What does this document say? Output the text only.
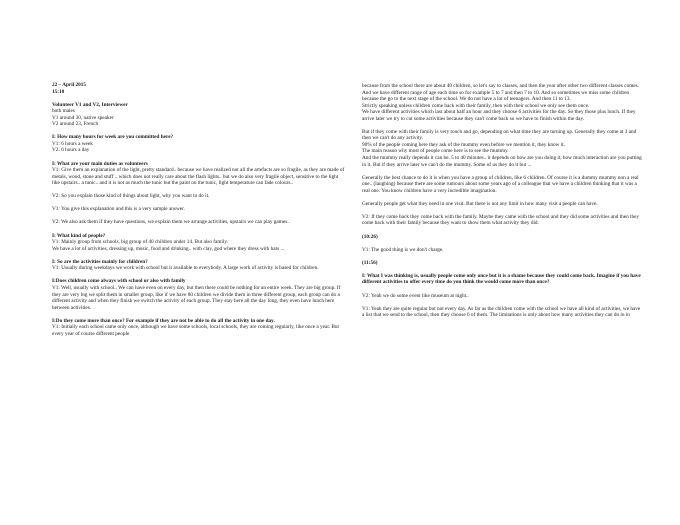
22 – April 2015
15:10

Volunteer V1 and V2, Interviewer

both males
V1 around 30, native speaker
V2 around 23, French

I: How many hours for week are you committed here?

V1: 6 hours a week
V2: 6 hours a day

I: What are your main duties as volunteers

V1: Give them an explanation of the light, pretty standard.. because we have realized not all the artefacts are so fragile, as they are made of metals, wood, stone and stuff .. which does not really care about the flash lights.. but we do also very fragile object, sensitive to the light like upstairs.. a tunic.. and it is not as much the tunic but the paint on the tunic, light temperature can fade colours..

V2: So you explain those kind of things about light, why you want to do it.

V1: You give this explanation and this is a very sample answer.

V2: We also ask them if they have questions, we explain them we arrange activities, upstairs we can play games..

I: What kind of people?

V1: Mainly group from schools, big group of 40 children under 14. But also family.
We have a lot of activities, dressing up, music, food and drinking.. with clay, god where they dress with hats ...

I: So are the activities mainly for children?

V1: Usually during weekdays we work with school but it available to everybody. A large work of activity is based for children.

I:Does children come always with school or also with family

V1: Well, usually with school.. We can have even on every day, but then there could be nothing for an entire week. They are big group. If they are very big we split them in smaller group, like if we have 80 children we divide them in three different group, each group can do a different activity and when they finish we switch the activity of each group. They stay here all the day long, they even have lunch here between activities.

I:Do they come more than once? For example if they are not be able to do all the activity in one day.

V1: Initially each school came only once, although we have some schools, local schools, they are coming regularly, like once a year. But every year of course different people

because from the school there are about 40 children, so let's say to classes, and then the year after other two different classes comes. And we have different range of age each time so for example 5 to 7 and then 7 to 10. And so sometimes we miss some children because the go to the next stage of the school. We do not have a lot of teenagers. And then 11 to 13.
Strictly speaking unless children come back with their family, then with their school we only see them once.
We have different activities which last about half an hour and they choose 6 activities for the day. So they those plus lunch. If they arrive later we try to cut some activities because they can't come back so we have to finish within the day.

But if they come with their family is very touch and go, depending on what time they are turning up. Generally they come at 3 and then we can't do any activity.
90% of the people coming here they ask of the mummy even before we mention it, they know it.
The main reason why most of people come here is to see the mummy.
And the mummy really depends it can be. 5 to 40 minutes.. it depends on how are you doing it, how much interaction are you putting in it. But if they arrive later we can't do the mummy. Some of us they do it but ...

Generally the best chance to do it is when you have a group of children, like 6 children. Of course it is a dummy mummy non a real one.. (laughing) because there are some rumours about some years ago of a colleague that we have a children thinking that it was a real one. You know children have a very incredible imagination.

Generally people get what they need in one visit. But there is not any limit in how many visit a people can have.

V2: If they come back they come back with the family. Maybe they came with the school and they did some activities and then they come back with their family because they want to show them what activity they did.

(10:26)

V1: The good thing is we don't charge.

(11:56)

I: What I was thinking is, usually people come only once but it is a shame because they could come back. Imagine if you have different activities to offer every time do you think the would come more than once?

V2: Yeah we do some event like museum at night..

V1: Yeah they are quite regular but not every day. As far as the children come with the school we have all kind of activities, we have a list that we send to the school, then they choose 6 of them. The limitations is only about how many activities they can do in in
